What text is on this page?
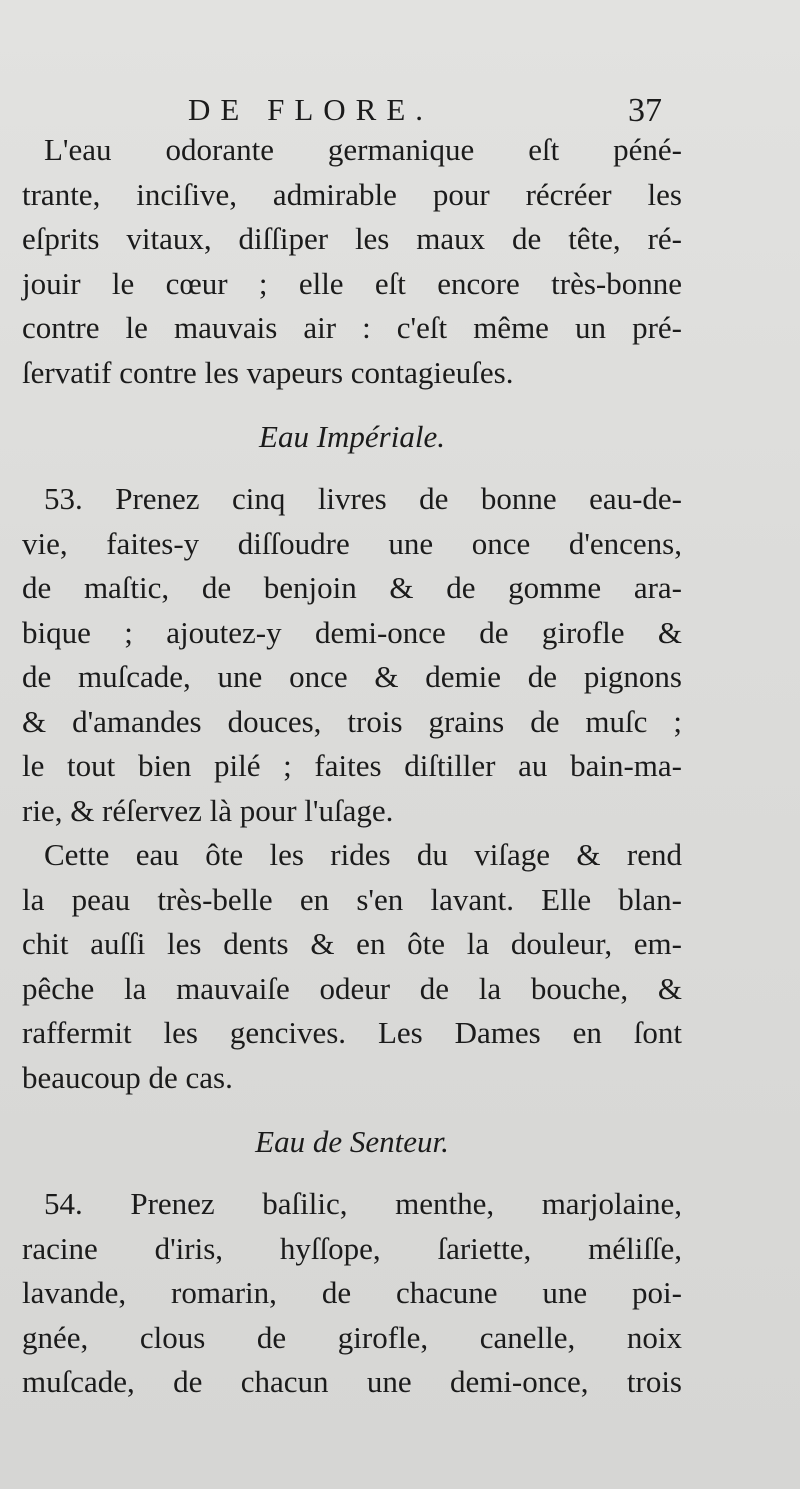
DE FLORE.	37
L'eau odorante germanique eſt péné-
trante, inciſive, admirable pour récréer les
eſprits vitaux, diſſiper les maux de tête, ré-
jouir le cœur ; elle eſt encore très-bonne
contre le mauvais air : c'eſt même un pré-
ſervatif contre les vapeurs contagieuſes.
Eau Impériale.
53. Prenez cinq livres de bonne eau-de-
vie, faites-y diſſoudre une once d'encens,
de maſtic, de benjoin & de gomme ara-
bique ; ajoutez-y demi-once de girofle &
de muſcade, une once & demie de pignons
& d'amandes douces, trois grains de muſc ;
le tout bien pilé ; faites diſtiller au bain-ma-
rie, & réſervez là pour l'uſage.
Cette eau ôte les rides du viſage & rend
la peau très-belle en s'en lavant. Elle blan-
chit auſſi les dents & en ôte la douleur, em-
pêche la mauvaiſe odeur de la bouche, &
raffermit les gencives. Les Dames en ſont
beaucoup de cas.
Eau de Senteur.
54. Prenez baſilic, menthe, marjolaine,
racine d'iris, hyſſope, ſariette, méliſſe,
lavande, romarin, de chacune une poi-
gnée, clous de girofle, canelle, noix
muſcade, de chacun une demi-once, trois
